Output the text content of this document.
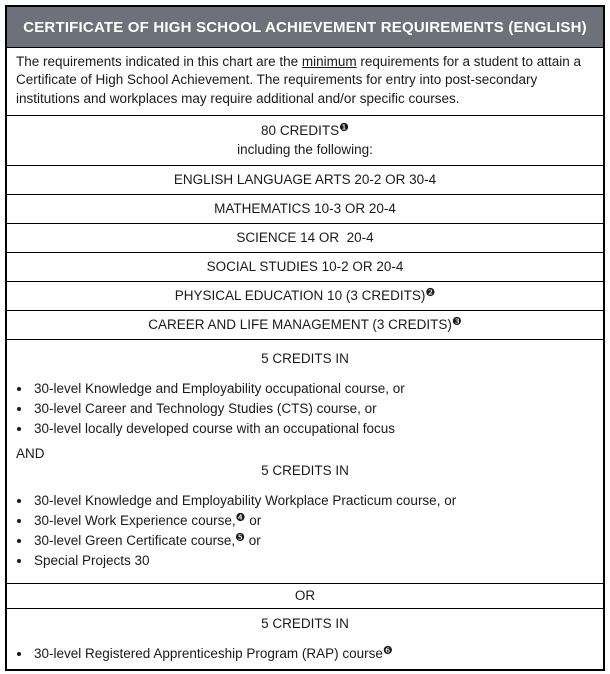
CERTIFICATE OF HIGH SCHOOL ACHIEVEMENT REQUIREMENTS (ENGLISH)
The requirements indicated in this chart are the minimum requirements for a student to attain a Certificate of High School Achievement. The requirements for entry into post-secondary institutions and workplaces may require additional and/or specific courses.
80 CREDITS$^❶$
including the following:
ENGLISH LANGUAGE ARTS 20-2 OR 30-4
MATHEMATICS 10-3 OR 20-4
SCIENCE 14 OR  20-4
SOCIAL STUDIES 10-2 OR 20-4
PHYSICAL EDUCATION 10 (3 CREDITS)$^❷$
CAREER AND LIFE MANAGEMENT (3 CREDITS)$^❸$
5 CREDITS IN
• 30-level Knowledge and Employability occupational course, or
• 30-level Career and Technology Studies (CTS) course, or
• 30-level locally developed course with an occupational focus
AND
5 CREDITS IN
• 30-level Knowledge and Employability Workplace Practicum course, or
• 30-level Work Experience course,$^❹$ or
• 30-level Green Certificate course,$^❺$ or
• Special Projects 30
OR
5 CREDITS IN
• 30-level Registered Apprenticeship Program (RAP) course$^❻$
